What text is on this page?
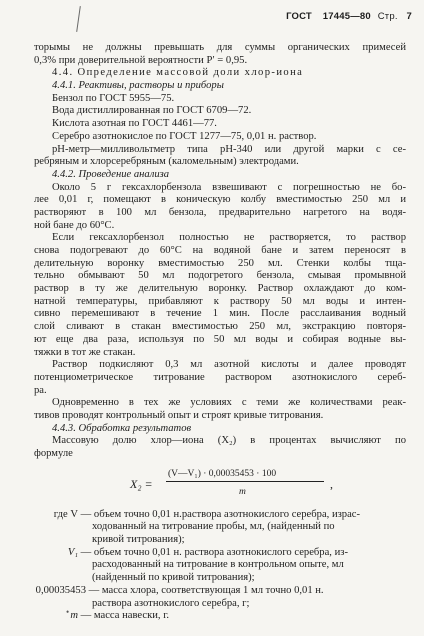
ГОСТ 17445—80 Стр. 7
торымы не должны превышать для суммы органических примесей
0,3% при доверительной вероятности P′ = 0,95.
4.4. Определение массовой доли хлор-иона
4.4.1. Реактивы, растворы и приборы
Бензол по ГОСТ 5955—75.
Вода дистиллированная по ГОСТ 6709—72.
Кислота азотная по ГОСТ 4461—77.
Серебро азотнокислое по ГОСТ 1277—75, 0,01 н. раствор.
pH-метр—милливольтметр типа pH-340 или другой марки с се-
ребряным и хлорсеребряным (каломельным) электродами.
4.4.2. Проведение анализа
Около 5 г гексахлорбензола взвешивают с погрешностью не бо-
лее 0,01 г, помещают в коническую колбу вместимостью 250 мл и
растворяют в 100 мл бензола, предварительно нагретого на водя-
ной бане до 60°С.
Если гексахлорбензол полностью не растворяется, то раствор
снова подогревают до 60°С на водяной бане и затем переносят в
делительную воронку вместимостью 250 мл. Стенки колбы тща-
тельно обмывают 50 мл подогретого бензола, смывая промывной
раствор в ту же делительную воронку. Раствор охлаждают до ком-
натной температуры, прибавляют к раствору 50 мл воды и интен-
сивно перемешивают в течение 1 мин. После расслаивания водный
слой сливают в стакан вместимостью 250 мл, экстракцию повторя-
ют еще два раза, используя по 50 мл воды и собирая водные вы-
тяжки в тот же стакан.
Раствор подкисляют 0,3 мл азотной кислоты и далее проводят
потенциометрическое титрование раствором азотнокислого сереб-
ра.
Одновременно в тех же условиях с теми же количествами реак-
тивов проводят контрольный опыт и строят кривые титрования.
4.4.3. Обработка результатов
Массовую долю хлор—иона (X₂) в процентах вычисляют по
формуле
X₂ =
(V—V₁) · 0,00035453 · 100
m
,
где V — объем точно 0,01 н.раствора азотнокислого серебра, израс-
ходованный на титрование пробы, мл, (найденный по
кривой титрования);
V₁ — объем точно 0,01 н. раствора азотнокислого серебра, из-
расходованный на титрование в контрольном опыте, мл
(найденный по кривой титрования);
0,00035453 — масса хлора, соответствующая 1 мл точно 0,01 н.
раствора азотнокислого серебра, г;
m — масса навески, г.
•
